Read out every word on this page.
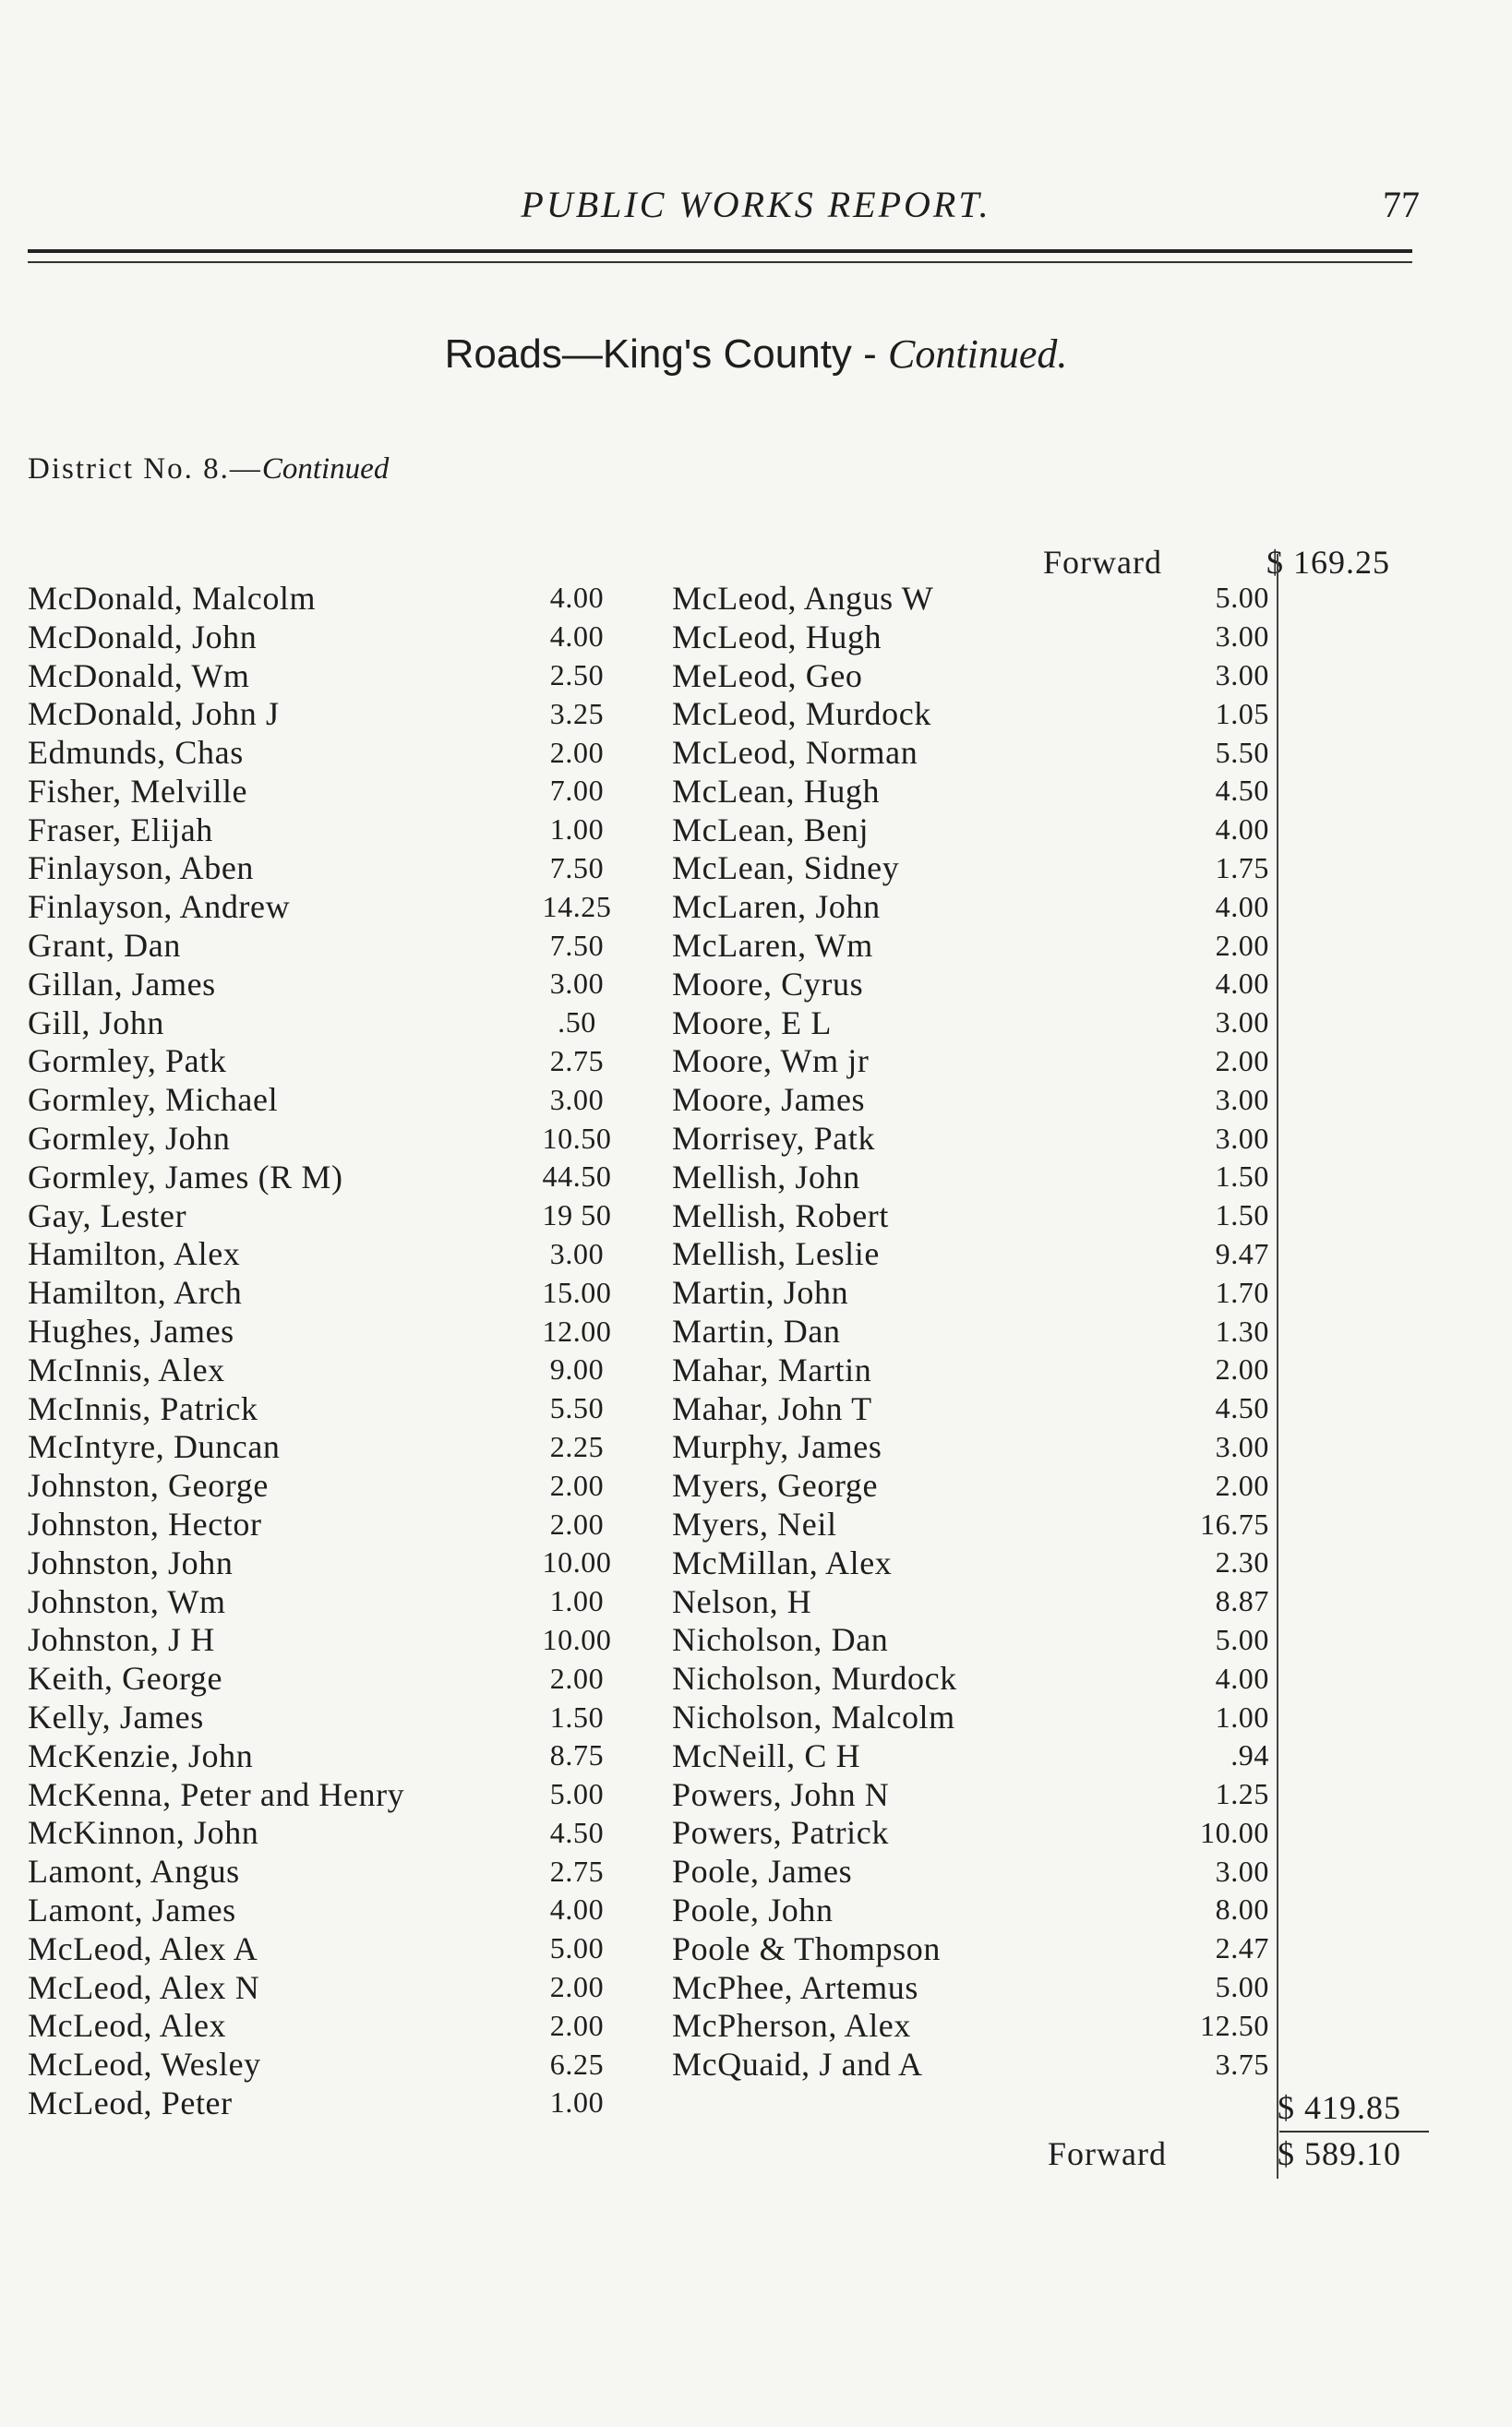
PUBLIC WORKS REPORT.	77
Roads—King's County - Continued.
District No. 8.—Continued
Forward	$ 169.25
McDonald, Malcolm	4.00
McDonald, John	4.00
McDonald, Wm	2.50
McDonald, John J	3.25
Edmunds, Chas	2.00
Fisher, Melville	7.00
Fraser, Elijah	1.00
Finlayson, Aben	7.50
Finlayson, Andrew	14.25
Grant, Dan	7.50
Gillan, James	3.00
Gill, John	.50
Gormley, Patk	2.75
Gormley, Michael	3.00
Gormley, John	10.50
Gormley, James (R M)	44.50
Gay, Lester	19 50
Hamilton, Alex	3.00
Hamilton, Arch	15.00
Hughes, James	12.00
McInnis, Alex	9.00
McInnis, Patrick	5.50
McIntyre, Duncan	2.25
Johnston, George	2.00
Johnston, Hector	2.00
Johnston, John	10.00
Johnston, Wm	1.00
Johnston, J H	10.00
Keith, George	2.00
Kelly, James	1.50
McKenzie, John	8.75
McKenna, Peter and Henry	5.00
McKinnon, John	4.50
Lamont, Angus	2.75
Lamont, James	4.00
McLeod, Alex A	5.00
McLeod, Alex N	2.00
McLeod, Alex	2.00
McLeod, Wesley	6.25
McLeod, Peter	1.00
McLeod, Angus W	5.00
McLeod, Hugh	3.00
MeLeod, Geo	3.00
McLeod, Murdock	1.05
McLeod, Norman	5.50
McLean, Hugh	4.50
McLean, Benj	4.00
McLean, Sidney	1.75
McLaren, John	4.00
McLaren, Wm	2.00
Moore, Cyrus	4.00
Moore, E L	3.00
Moore, Wm jr	2.00
Moore, James	3.00
Morrisey, Patk	3.00
Mellish, John	1.50
Mellish, Robert	1.50
Mellish, Leslie	9.47
Martin, John	1.70
Martin, Dan	1.30
Mahar, Martin	2.00
Mahar, John T	4.50
Murphy, James	3.00
Myers, George	2.00
Myers, Neil	16.75
McMillan, Alex	2.30
Nelson, H	8.87
Nicholson, Dan	5.00
Nicholson, Murdock	4.00
Nicholson, Malcolm	1.00
McNeill, C H	.94
Powers, John N	1.25
Powers, Patrick	10.00
Poole, James	3.00
Poole, John	8.00
Poole & Thompson	2.47
McPhee, Artemus	5.00
McPherson, Alex	12.50
McQuaid, J and A	3.75
$ 419.85
Forward	$ 589.10
